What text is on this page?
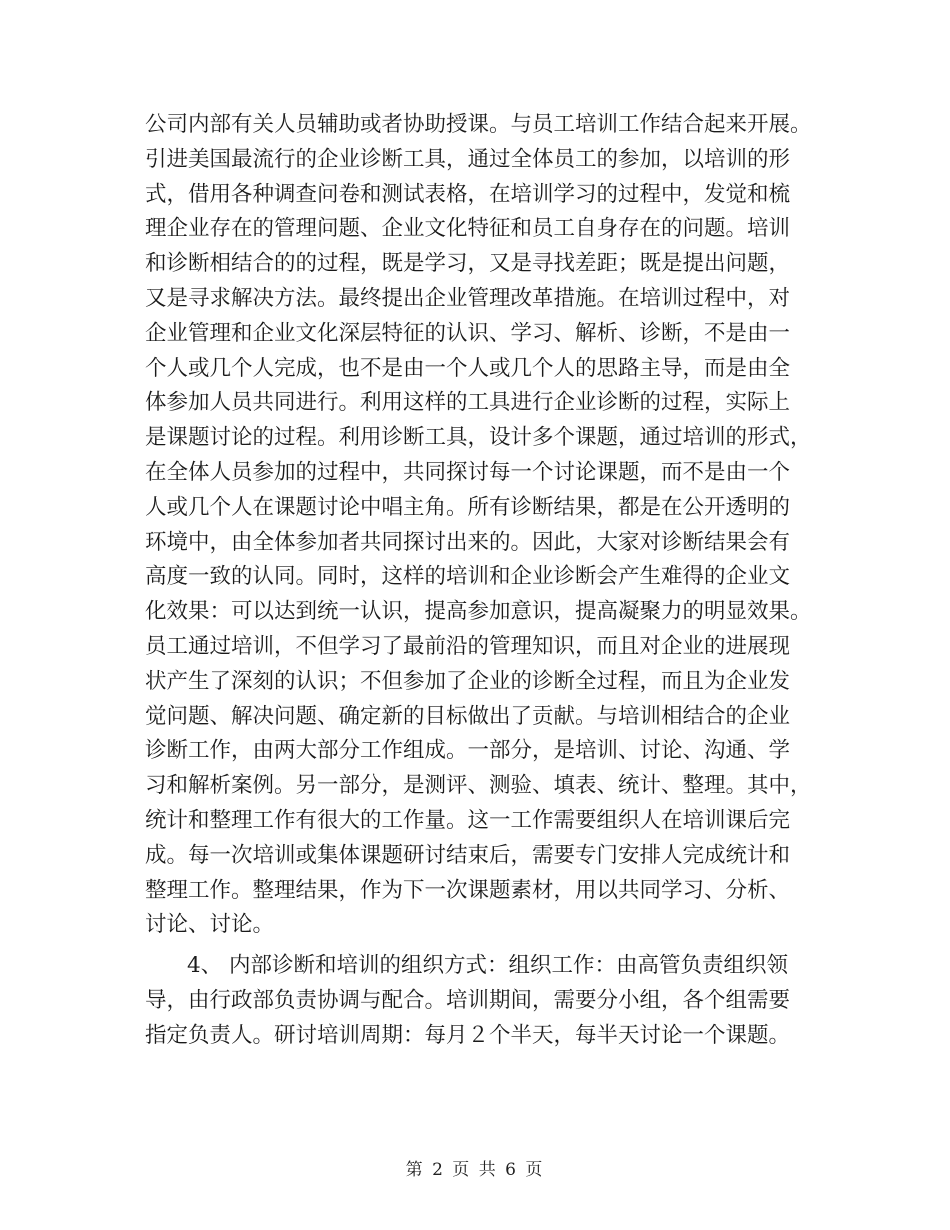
公司内部有关人员辅助或者协助授课。与员工培训工作结合起来开展。
引进美国最流行的企业诊断工具，通过全体员工的参加，以培训的形
式，借用各种调查问卷和测试表格，在培训学习的过程中，发觉和梳
理企业存在的管理问题、企业文化特征和员工自身存在的问题。培训
和诊断相结合的的过程，既是学习，又是寻找差距；既是提出问题，
又是寻求解决方法。最终提出企业管理改革措施。在培训过程中，对
企业管理和企业文化深层特征的认识、学习、解析、诊断，不是由一
个人或几个人完成，也不是由一个人或几个人的思路主导，而是由全
体参加人员共同进行。利用这样的工具进行企业诊断的过程，实际上
是课题讨论的过程。利用诊断工具，设计多个课题，通过培训的形式，
在全体人员参加的过程中，共同探讨每一个讨论课题，而不是由一个
人或几个人在课题讨论中唱主角。所有诊断结果，都是在公开透明的
环境中，由全体参加者共同探讨出来的。因此，大家对诊断结果会有
高度一致的认同。同时，这样的培训和企业诊断会产生难得的企业文
化效果：可以达到统一认识，提高参加意识，提高凝聚力的明显效果。
员工通过培训，不但学习了最前沿的管理知识，而且对企业的进展现
状产生了深刻的认识；不但参加了企业的诊断全过程，而且为企业发
觉问题、解决问题、确定新的目标做出了贡献。与培训相结合的企业
诊断工作，由两大部分工作组成。一部分，是培训、讨论、沟通、学
习和解析案例。另一部分，是测评、测验、填表、统计、整理。其中，
统计和整理工作有很大的工作量。这一工作需要组织人在培训课后完
成。每一次培训或集体课题研讨结束后，需要专门安排人完成统计和
整理工作。整理结果，作为下一次课题素材，用以共同学习、分析、
讨论、讨论。
4、 内部诊断和培训的组织方式：组织工作：由高管负责组织领
导，由行政部负责协调与配合。培训期间，需要分小组，各个组需要
指定负责人。研讨培训周期：每月２个半天，每半天讨论一个课题。
第 2 页 共 6 页
